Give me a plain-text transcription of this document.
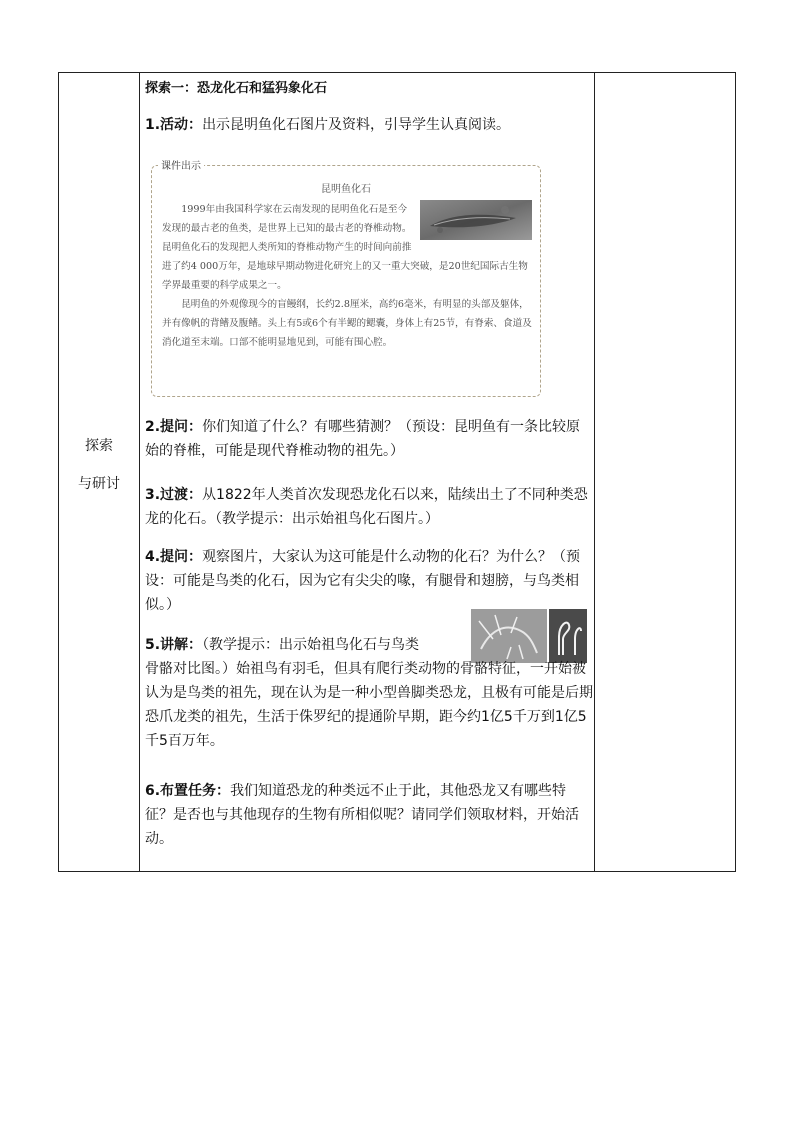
探索
与研讨
探索一：恐龙化石和猛犸象化石
1.活动：出示昆明鱼化石图片及资料，引导学生认真阅读。
课件出示
昆明鱼化石

1999年由我国科学家在云南发现的昆明鱼化石是至今发现的最古老的鱼类，是世界上已知的最古老的脊椎动物。昆明鱼化石的发现把人类所知的脊椎动物产生的时间向前推进了约4 000万年，是地球早期动物进化研究上的又一重大突破，是20世纪国际古生物学界最重要的科学成果之一。

昆明鱼的外观像现今的盲鳗纲，长约2.8厘米，高约6毫米，有明显的头部及躯体，并有像帆的背鳍及腹鳍。头上有5或6个有半鳃的鳃囊，身体上有25节，有脊索、食道及消化道至末端。口部不能明显地见到，可能有围心腔。

2.提问：你们知道了什么？有哪些猜测？（预设：昆明鱼有一条比较原始的脊椎，可能是现代脊椎动物的祖先。）
3.过渡：从1822年人类首次发现恐龙化石以来，陆续出土了不同种类恐龙的化石。（教学提示：出示始祖鸟化石图片。）
4.提问：观察图片，大家认为这可能是什么动物的化石？为什么？（预设：可能是鸟类的化石，因为它有尖尖的喙，有腿骨和翅膀，与鸟类相似。）
5.讲解：（教学提示：出示始祖鸟化石与鸟类
骨骼对比图。）始祖鸟有羽毛，但具有爬行类动物的骨骼特征，一开始被认为是鸟类的祖先，现在认为是一种小型兽脚类恐龙，且极有可能是后期恐爪龙类的祖先，生活于侏罗纪的提通阶早期，距今约1亿5千万到1亿5千5百万年。
6.布置任务：我们知道恐龙的种类远不止于此，其他恐龙又有哪些特征？是否也与其他现存的生物有所相似呢？请同学们领取材料，开始活动。
